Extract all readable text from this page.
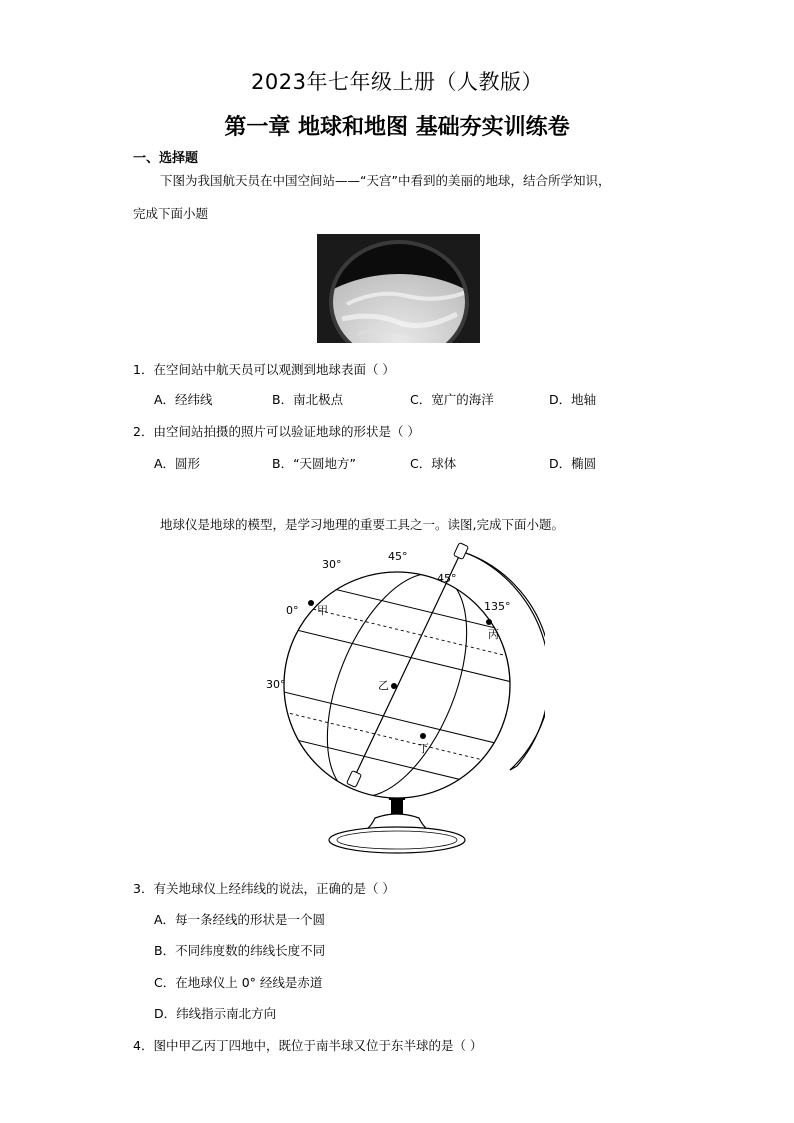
2023年七年级上册（人教版）
第一章 地球和地图 基础夯实训练卷
一、选择题
下图为我国航天员在中国空间站——“天宫”中看到的美丽的地球，结合所学知识，
完成下面小题
1．在空间站中航天员可以观测到地球表面（ ）
A．经纬线	B．南北极点	C．宽广的海洋	D．地轴
2．由空间站拍摄的照片可以验证地球的形状是（ ）
A．圆形	B．“天圆地方”	C．球体	D．椭圆
地球仪是地球的模型，是学习地理的重要工具之一。读图,完成下面小题。
30°
45°
45°
135°
0°
30°
甲
乙
丙
丁
3．有关地球仪上经纬线的说法，正确的是（ ）
A．每一条经线的形状是一个圆
B．不同纬度数的纬线长度不同
C．在地球仪上 0° 经线是赤道
D．纬线指示南北方向
4．图中甲乙丙丁四地中，既位于南半球又位于东半球的是（ ）
